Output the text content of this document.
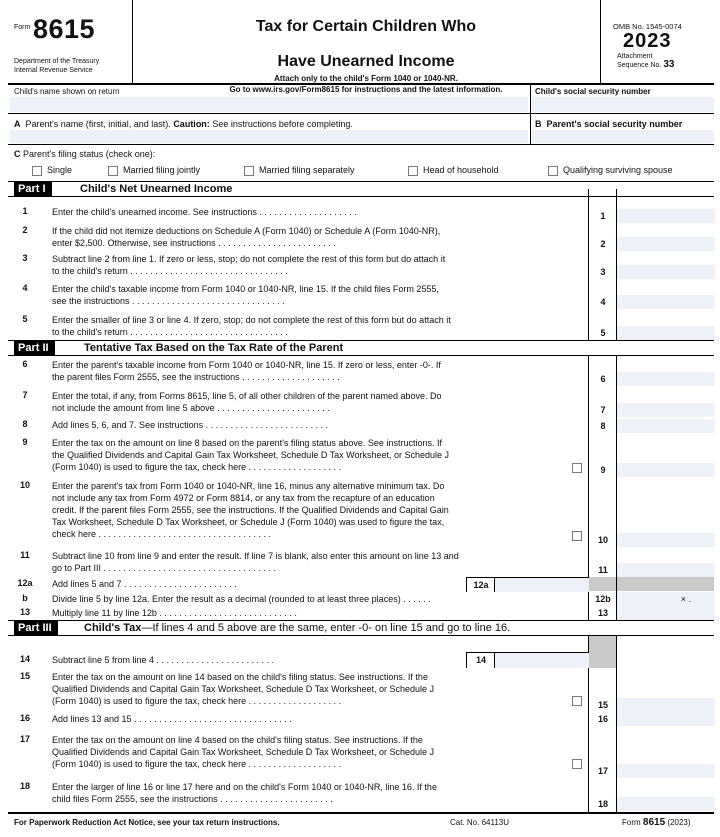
Form 8615
Department of the Treasury
Internal Revenue Service
Tax for Certain Children Who
Have Unearned Income
Attach only to the child's Form 1040 or 1040-NR.
Go to www.irs.gov/Form8615 for instructions and the latest information.
OMB No. 1545-0074
2023
Attachment
Sequence No. 33
Child's name shown on return	Child's social security number
A Parent's name (first, initial, and last). Caution: See instructions before completing.	B Parent's social security number
C Parent's filing status (check one):
Single	Married filing jointly	Married filing separately	Head of household	Qualifying surviving spouse
Part I	Child's Net Unearned Income
1	Enter the child's unearned income. See instructions . . . . . . . . . . . . . . . . . . . .	1
2	If the child did not itemize deductions on Schedule A (Form 1040) or Schedule A (Form 1040-NR),
enter $2,500. Otherwise, see instructions . . . . . . . . . . . . . . . . . . . . . . . .	2
3	Subtract line 2 from line 1. If zero or less, stop; do not complete the rest of this form but do attach it
to the child's return . . . . . . . . . . . . . . . . . . . . . . . . . . . . . . . .	3
4	Enter the child's taxable income from Form 1040 or 1040-NR, line 15. If the child files Form 2555,
see the instructions . . . . . . . . . . . . . . . . . . . . . . . . . . . . . . .	4
5	Enter the smaller of line 3 or line 4. If zero, stop; do not complete the rest of this form but do attach it
to the child's return . . . . . . . . . . . . . . . . . . . . . . . . . . . . . . . .	5
Part II	Tentative Tax Based on the Tax Rate of the Parent
6	Enter the parent's taxable income from Form 1040 or 1040-NR, line 15. If zero or less, enter -0-. If
the parent files Form 2555, see the instructions . . . . . . . . . . . . . . . . . . . .	6
7	Enter the total, if any, from Forms 8615, line 5, of all other children of the parent named above. Do
not include the amount from line 5 above . . . . . . . . . . . . . . . . . . . . . . .	7
8	Add lines 5, 6, and 7. See instructions . . . . . . . . . . . . . . . . . . . . . . . . .	8
9	Enter the tax on the amount on line 8 based on the parent's filing status above. See instructions. If
the Qualified Dividends and Capital Gain Tax Worksheet, Schedule D Tax Worksheet, or Schedule J
(Form 1040) is used to figure the tax, check here . . . . . . . . . . . . . . . . . . .	9
10	Enter the parent's tax from Form 1040 or 1040-NR, line 16, minus any alternative minimum tax. Do
not include any tax from Form 4972 or Form 8814, or any tax from the recapture of an education
credit. If the parent files Form 2555, see the instructions. If the Qualified Dividends and Capital Gain
Tax Worksheet, Schedule D Tax Worksheet, or Schedule J (Form 1040) was used to figure the tax,
check here . . . . . . . . . . . . . . . . . . . . . . . . . . . . . . . . . . .
10
11	Subtract line 10 from line 9 and enter the result. If line 7 is blank, also enter this amount on line 13 and
go to Part III . . . . . . . . . . . . . . . . . . . . . . . . . . . . . . . . . . .	11
12a	Add lines 5 and 7 . . . . . . . . . . . . . . . . . . . . . . .	12a
b	Divide line 5 by line 12a. Enter the result as a decimal (rounded to at least three places) . . . . . .	12b	× .
13	Multiply line 11 by line 12b . . . . . . . . . . . . . . . . . . . . . . . . . . . .	13
Part III	Child's Tax—If lines 4 and 5 above are the same, enter -0- on line 15 and go to line 16.
14	Subtract line 5 from line 4 . . . . . . . . . . . . . . . . . . . . . . . .	14
15	Enter the tax on the amount on line 14 based on the child's filing status. See instructions. If the
Qualified Dividends and Capital Gain Tax Worksheet, Schedule D Tax Worksheet, or Schedule J
(Form 1040) is used to figure the tax, check here . . . . . . . . . . . . . . . . . . .	15
16	Add lines 13 and 15 . . . . . . . . . . . . . . . . . . . . . . . . . . . . . . . .	16
17	Enter the tax on the amount on line 4 based on the child's filing status. See instructions. If the
Qualified Dividends and Capital Gain Tax Worksheet, Schedule D Tax Worksheet, or Schedule J
(Form 1040) is used to figure the tax, check here . . . . . . . . . . . . . . . . . . .
17
18	Enter the larger of line 16 or line 17 here and on the child's Form 1040 or 1040-NR, line 16. If the
child files Form 2555, see the instructions . . . . . . . . . . . . . . . . . . . . . . .	18
For Paperwork Reduction Act Notice, see your tax return instructions.	Cat. No. 64113U	Form 8615 (2023)
